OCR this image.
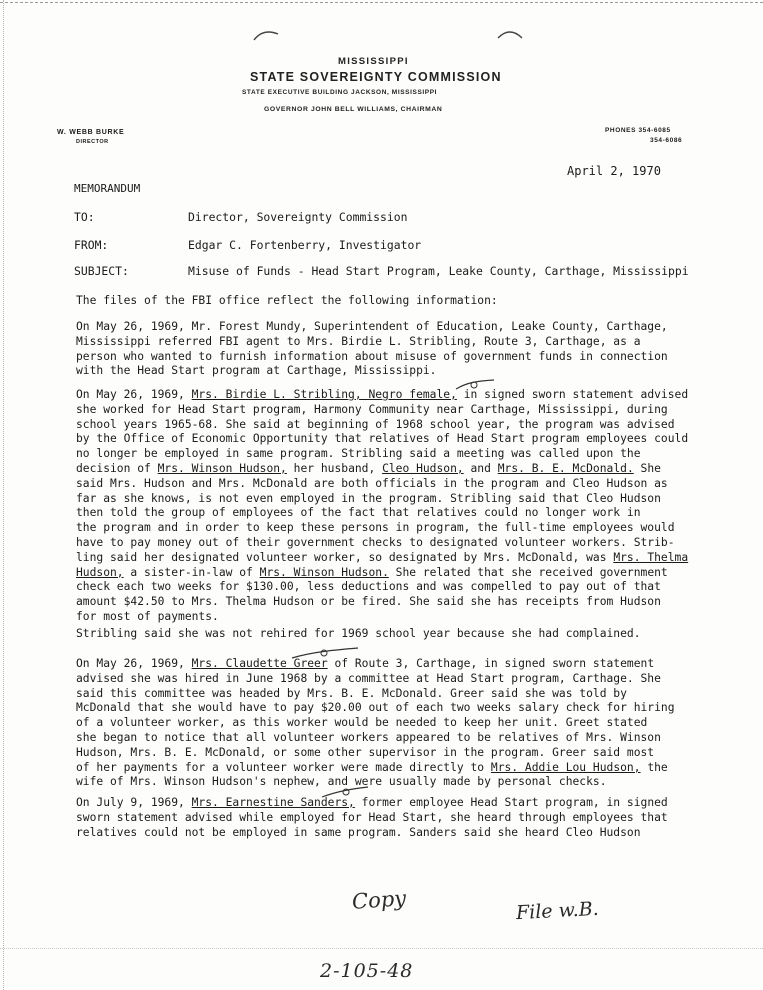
MISSISSIPPI
STATE SOVEREIGNTY COMMISSION
STATE EXECUTIVE BUILDING JACKSON, MISSISSIPPI
GOVERNOR JOHN BELL WILLIAMS, CHAIRMAN
W. WEBB BURKE
DIRECTOR
PHONES 354-6085
354-6086
April 2, 1970
MEMORANDUM
TO:	Director, Sovereignty Commission
FROM:	Edgar C. Fortenberry, Investigator
SUBJECT:	Misuse of Funds - Head Start Program, Leake County, Carthage, Mississippi
The files of the FBI office reflect the following information:
On May 26, 1969, Mr. Forest Mundy, Superintendent of Education, Leake County, Carthage,
Mississippi referred FBI agent to Mrs. Birdie L. Stribling, Route 3, Carthage, as a
person who wanted to furnish information about misuse of government funds in connection
with the Head Start program at Carthage, Mississippi.
On May 26, 1969, Mrs. Birdie L. Stribling, Negro female, in signed sworn statement advised
she worked for Head Start program, Harmony Community near Carthage, Mississippi, during
school years 1965-68. She said at beginning of 1968 school year, the program was advised
by the Office of Economic Opportunity that relatives of Head Start program employees could
no longer be employed in same program. Stribling said a meeting was called upon the
decision of Mrs. Winson Hudson, her husband, Cleo Hudson, and Mrs. B. E. McDonald. She
said Mrs. Hudson and Mrs. McDonald are both officials in the program and Cleo Hudson as
far as she knows, is not even employed in the program. Stribling said that Cleo Hudson
then told the group of employees of the fact that relatives could no longer work in
the program and in order to keep these persons in program, the full-time employees would
have to pay money out of their government checks to designated volunteer workers. Strib-
ling said her designated volunteer worker, so designated by Mrs. McDonald, was Mrs. Thelma
Hudson, a sister-in-law of Mrs. Winson Hudson. She related that she received government
check each two weeks for $130.00, less deductions and was compelled to pay out of that
amount $42.50 to Mrs. Thelma Hudson or be fired. She said she has receipts from Hudson
for most of payments.
Stribling said she was not rehired for 1969 school year because she had complained.
On May 26, 1969, Mrs. Claudette Greer of Route 3, Carthage, in signed sworn statement
advised she was hired in June 1968 by a committee at Head Start program, Carthage. She
said this committee was headed by Mrs. B. E. McDonald. Greer said she was told by
McDonald that she would have to pay $20.00 out of each two weeks salary check for hiring
of a volunteer worker, as this worker would be needed to keep her unit. Greet stated
she began to notice that all volunteer workers appeared to be relatives of Mrs. Winson
Hudson, Mrs. B. E. McDonald, or some other supervisor in the program. Greer said most
of her payments for a volunteer worker were made directly to Mrs. Addie Lou Hudson, the
wife of Mrs. Winson Hudson's nephew, and were usually made by personal checks.
On July 9, 1969, Mrs. Earnestine Sanders, former employee Head Start program, in signed
sworn statement advised while employed for Head Start, she heard through employees that
relatives could not be employed in same program. Sanders said she heard Cleo Hudson
Copy	File w.B.
2-105-48
